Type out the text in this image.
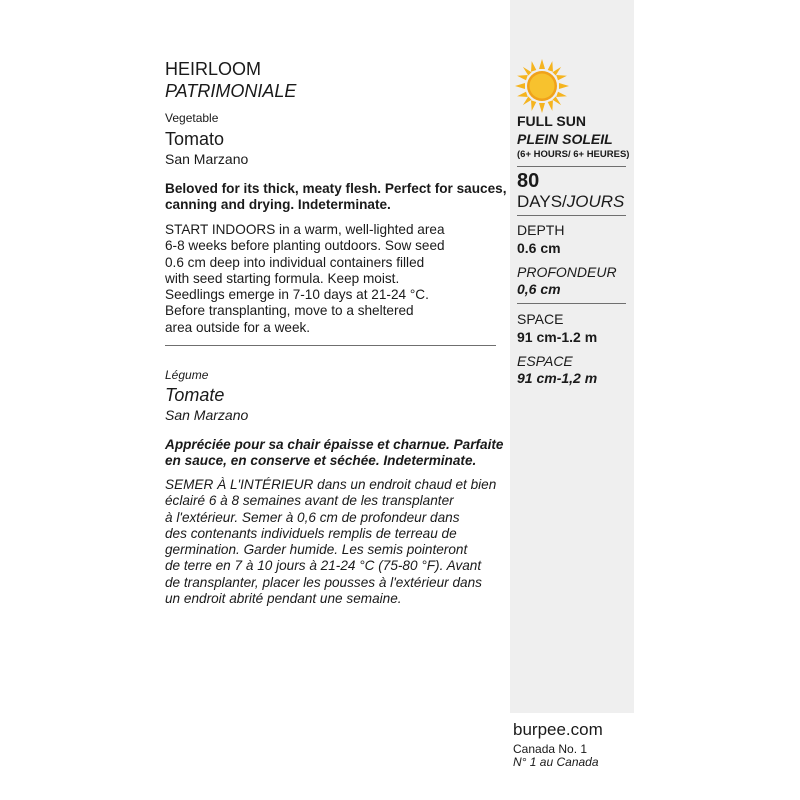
HEIRLOOM
PATRIMONIALE
Vegetable
Tomato
San Marzano
Beloved for its thick, meaty flesh. Perfect for sauces,
canning and drying. Indeterminate.
START INDOORS in a warm, well-lighted area
6-8 weeks before planting outdoors. Sow seed
0.6 cm deep into individual containers filled
with seed starting formula. Keep moist.
Seedlings emerge in 7-10 days at 21-24 °C.
Before transplanting, move to a sheltered
area outside for a week.
Légume
Tomate
San Marzano
Appréciée pour sa chair épaisse et charnue. Parfaite
en sauce, en conserve et séchée. Indeterminate.
SEMER À L'INTÉRIEUR dans un endroit chaud et bien
éclairé 6 à 8 semaines avant de les transplanter
à l'extérieur. Semer à 0,6 cm de profondeur dans
des contenants individuels remplis de terreau de
germination. Garder humide. Les semis pointeront
de terre en 7 à 10 jours à 21-24 °C (75-80 °F). Avant
de transplanter, placer les pousses à l'extérieur dans
un endroit abrité pendant une semaine.
FULL SUN
PLEIN SOLEIL
(6+ HOURS/ 6+ HEURES)
80
DAYS/JOURS
DEPTH
0.6 cm
PROFONDEUR
0,6 cm
SPACE
91 cm-1.2 m
ESPACE
91 cm-1,2 m
burpee.com
Canada No. 1
N° 1 au Canada
